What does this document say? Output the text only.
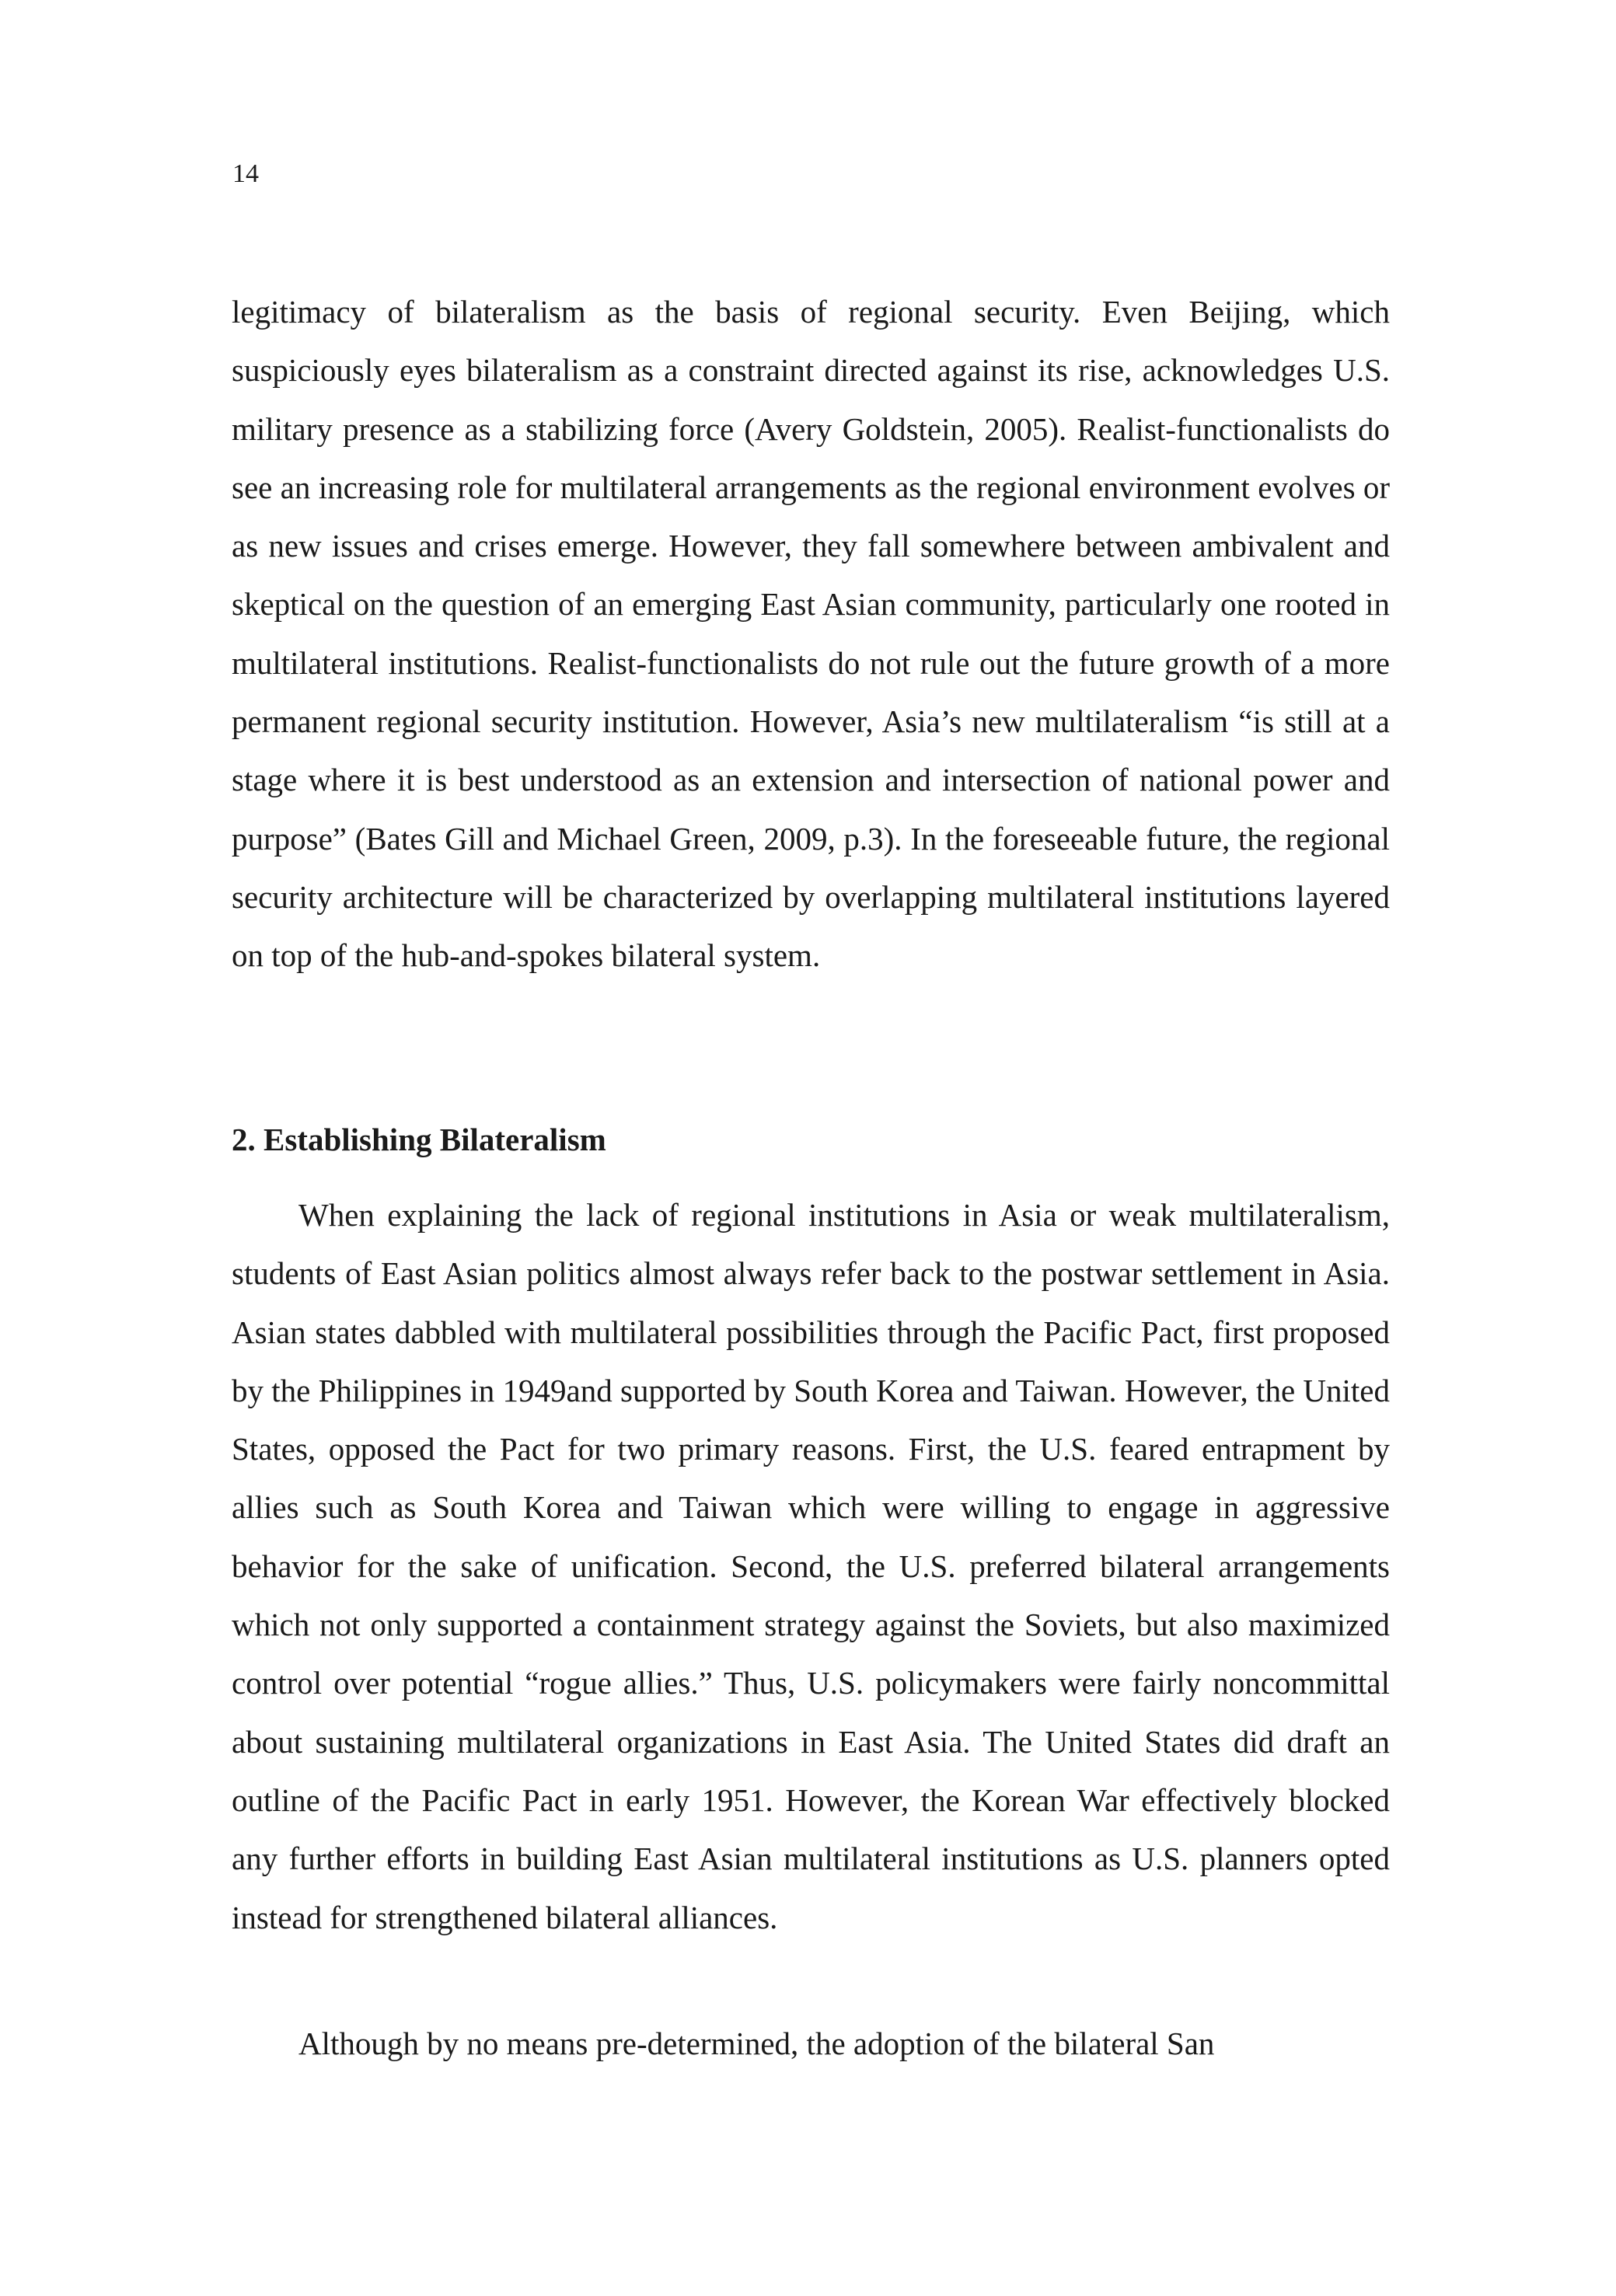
14

legitimacy of bilateralism as the basis of regional security. Even Beijing, which suspiciously eyes bilateralism as a constraint directed against its rise, acknowledges U.S. military presence as a stabilizing force (Avery Goldstein, 2005). Realist-functionalists do see an increasing role for multilateral arrangements as the regional environment evolves or as new issues and crises emerge. However, they fall somewhere between ambivalent and skeptical on the question of an emerging East Asian community, particularly one rooted in multilateral institutions. Realist-functionalists do not rule out the future growth of a more permanent regional security institution. However, Asia’s new multilateralism “is still at a stage where it is best understood as an extension and intersection of national power and purpose” (Bates Gill and Michael Green, 2009, p.3). In the foreseeable future, the regional security architecture will be characterized by overlapping multilateral institutions layered on top of the hub-and-spokes bilateral system.

2. Establishing Bilateralism

When explaining the lack of regional institutions in Asia or weak multilateralism, students of East Asian politics almost always refer back to the postwar settlement in Asia. Asian states dabbled with multilateral possibilities through the Pacific Pact, first proposed by the Philippines in 1949and supported by South Korea and Taiwan. However, the United States, opposed the Pact for two primary reasons. First, the U.S. feared entrapment by allies such as South Korea and Taiwan which were willing to engage in aggressive behavior for the sake of unification. Second, the U.S. preferred bilateral arrangements which not only supported a containment strategy against the Soviets, but also maximized control over potential “rogue allies.” Thus, U.S. policymakers were fairly noncommittal about sustaining multilateral organizations in East Asia. The United States did draft an outline of the Pacific Pact in early 1951. However, the Korean War effectively blocked any further efforts in building East Asian multilateral institutions as U.S. planners opted instead for strengthened bilateral alliances.

Although by no means pre-determined, the adoption of the bilateral San
